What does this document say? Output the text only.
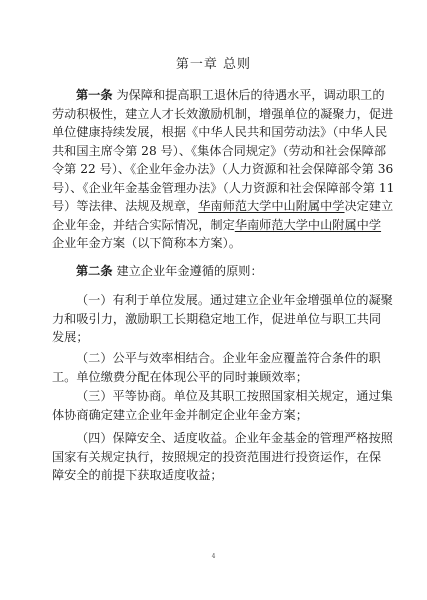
第一章 总则
第一条 为保障和提高职工退休后的待遇水平，调动职工的
劳动积极性，建立人才长效激励机制，增强单位的凝聚力，促进
单位健康持续发展，根据《中华人民共和国劳动法》（中华人民
共和国主席令第 28 号）、《集体合同规定》（劳动和社会保障部
令第 22 号）、《企业年金办法》（人力资源和社会保障部令第 36
号）、《企业年金基金管理办法》（人力资源和社会保障部令第 11
号）等法律、法规及规章，华南师范大学中山附属中学决定建立
企业年金，并结合实际情况，制定华南师范大学中山附属中学
企业年金方案（以下简称本方案）。
第二条 建立企业年金遵循的原则：
（一）有利于单位发展。通过建立企业年金增强单位的凝聚
力和吸引力，激励职工长期稳定地工作，促进单位与职工共同
发展；
（二）公平与效率相结合。企业年金应覆盖符合条件的职
工。单位缴费分配在体现公平的同时兼顾效率；
（三）平等协商。单位及其职工按照国家相关规定，通过集
体协商确定建立企业年金并制定企业年金方案；
（四）保障安全、适度收益。企业年金基金的管理严格按照
国家有关规定执行，按照规定的投资范围进行投资运作，在保
障安全的前提下获取适度收益；
4
